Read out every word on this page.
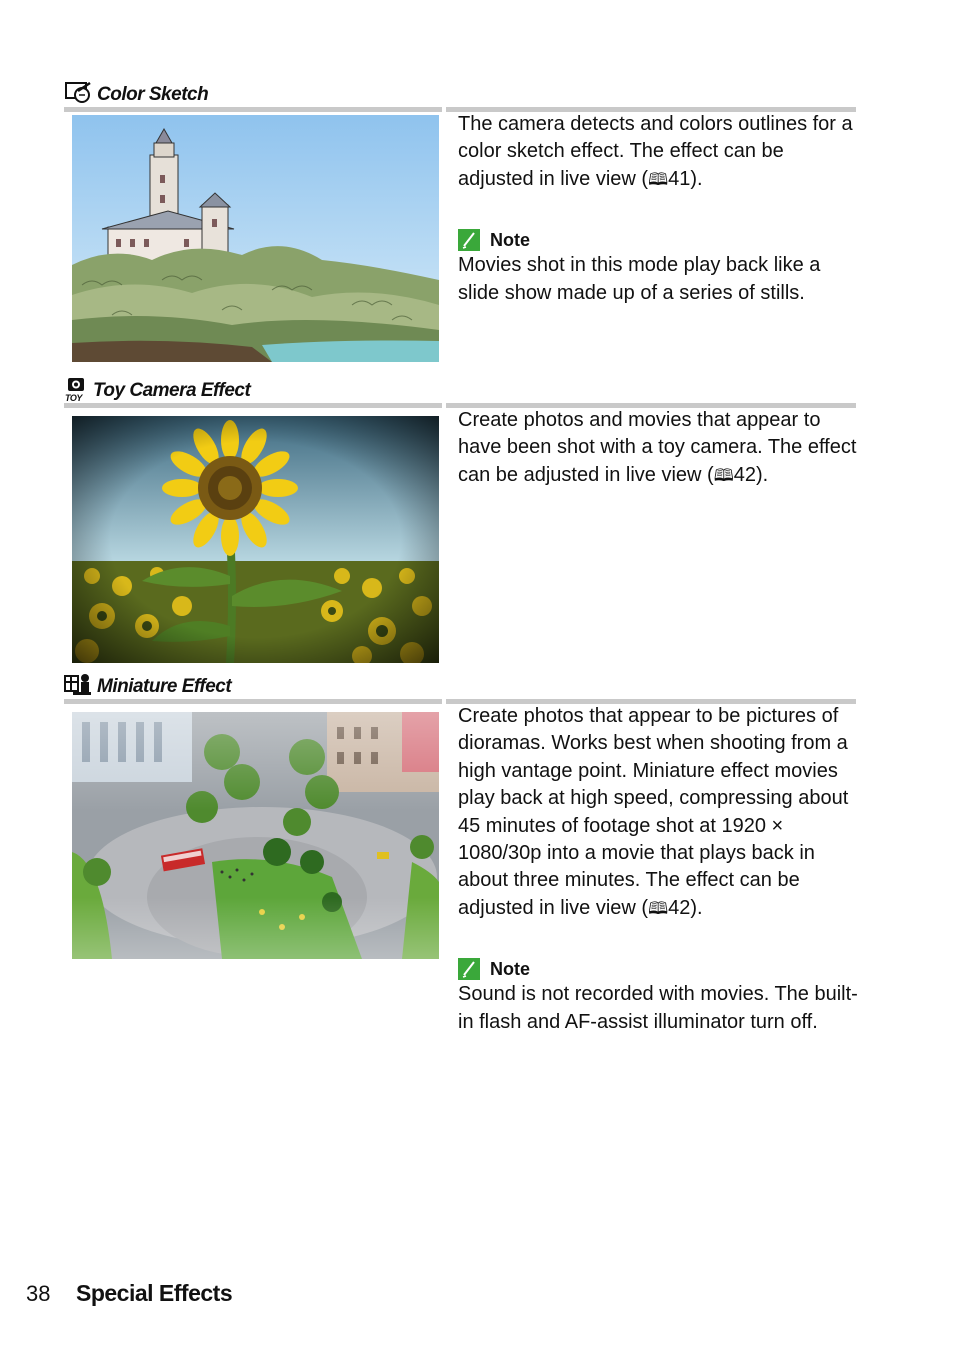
Color Sketch

The camera detects and colors outlines for a color sketch effect. The effect can be adjusted in live view (🕮41).

Note

Movies shot in this mode play back like a slide show made up of a series of stills.

TOY Toy Camera Effect

Create photos and movies that appear to have been shot with a toy camera. The effect can be adjusted in live view (🕮42).

Miniature Effect

Create photos that appear to be pictures of dioramas. Works best when shooting from a high vantage point. Miniature effect movies play back at high speed, compressing about 45 minutes of footage shot at 1920 × 1080/30p into a movie that plays back in about three minutes. The effect can be adjusted in live view (🕮42).

Note

Sound is not recorded with movies. The built-in flash and AF-assist illuminator turn off.

38	Special Effects
